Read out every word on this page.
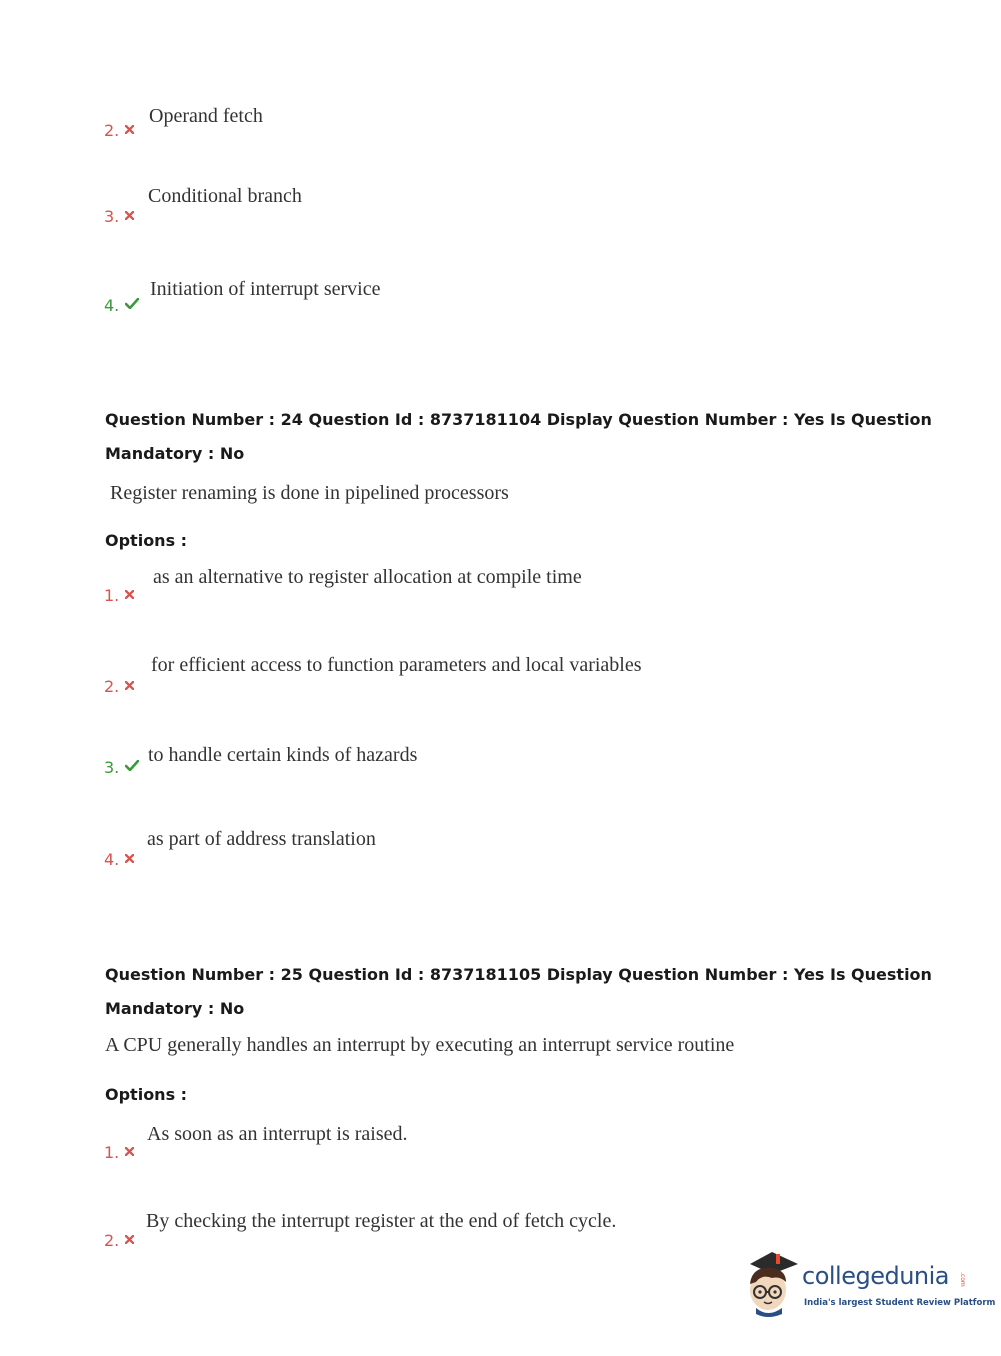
2.
Operand fetch
3.
Conditional branch
4.
Initiation of interrupt service
Question Number : 24 Question Id : 8737181104 Display Question Number : Yes Is Question
Mandatory : No
Register renaming is done in pipelined processors
Options :
1.
as an alternative to register allocation at compile time
2.
for efficient access to function parameters and local variables
3.
to handle certain kinds of hazards
4.
as part of address translation
Question Number : 25 Question Id : 8737181105 Display Question Number : Yes Is Question
Mandatory : No
A CPU generally handles an interrupt by executing an interrupt service routine
Options :
1.
As soon as an interrupt is raised.
2.
By checking the interrupt register at the end of fetch cycle.
collegedunia .com
India's largest Student Review Platform
